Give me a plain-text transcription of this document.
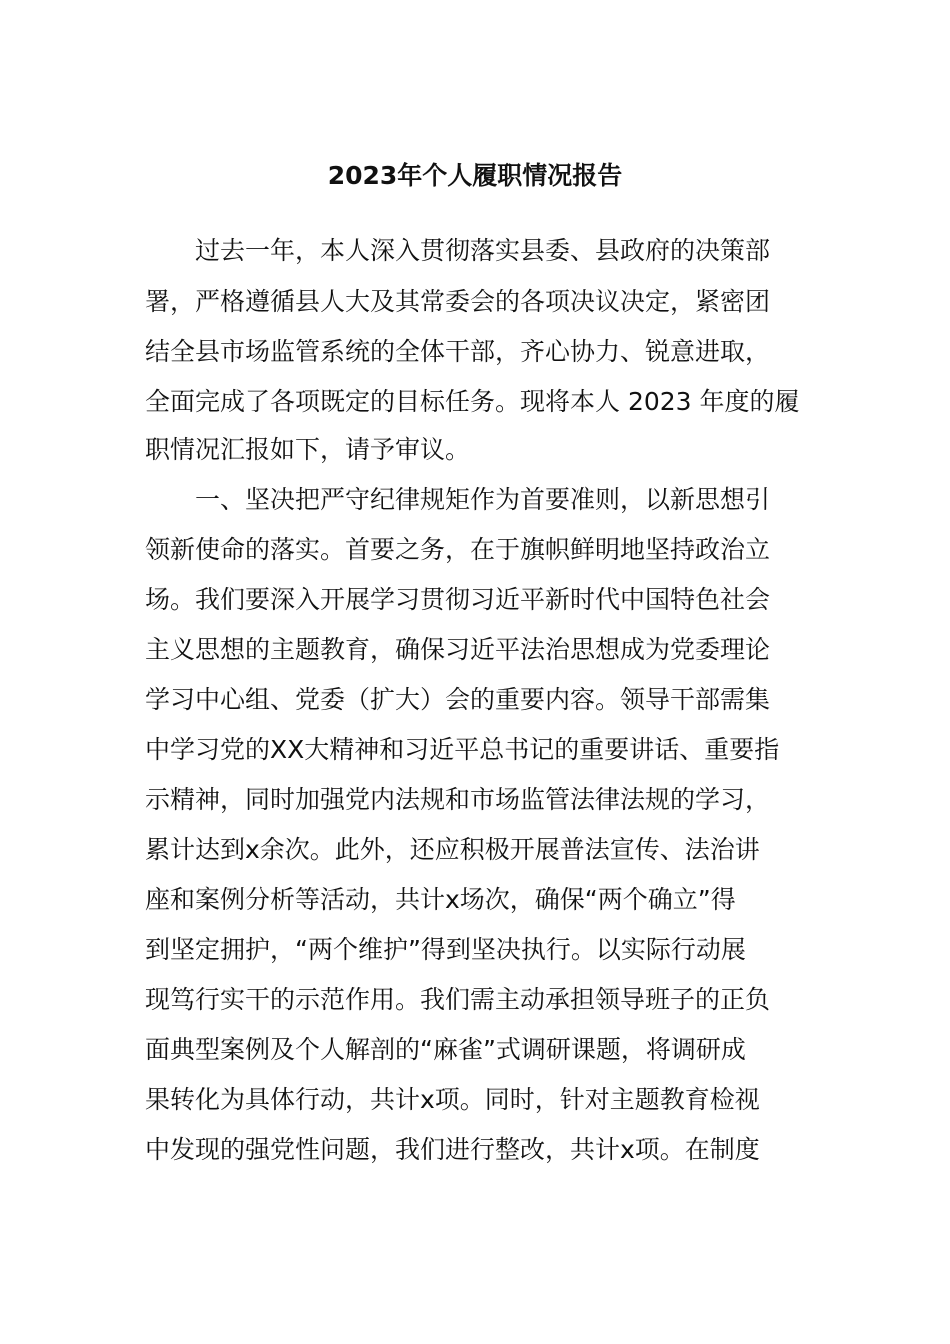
2023年个人履职情况报告

过去一年，本人深入贯彻落实县委、县政府的决策部

署，严格遵循县人大及其常委会的各项决议决定，紧密团

结全县市场监管系统的全体干部，齐心协力、锐意进取，

全面完成了各项既定的目标任务。现将本人 2023 年度的履

职情况汇报如下，请予审议。

一、坚决把严守纪律规矩作为首要准则，以新思想引

领新使命的落实。首要之务，在于旗帜鲜明地坚持政治立

场。我们要深入开展学习贯彻习近平新时代中国特色社会

主义思想的主题教育，确保习近平法治思想成为党委理论

学习中心组、党委（扩大）会的重要内容。领导干部需集

中学习党的XX大精神和习近平总书记的重要讲话、重要指

示精神，同时加强党内法规和市场监管法律法规的学习，

累计达到x余次。此外，还应积极开展普法宣传、法治讲

座和案例分析等活动，共计x场次，确保“两个确立”得

到坚定拥护，“两个维护”得到坚决执行。以实际行动展

现笃行实干的示范作用。我们需主动承担领导班子的正负

面典型案例及个人解剖的“麻雀”式调研课题，将调研成

果转化为具体行动，共计x项。同时，针对主题教育检视

中发现的强党性问题，我们进行整改，共计x项。在制度
